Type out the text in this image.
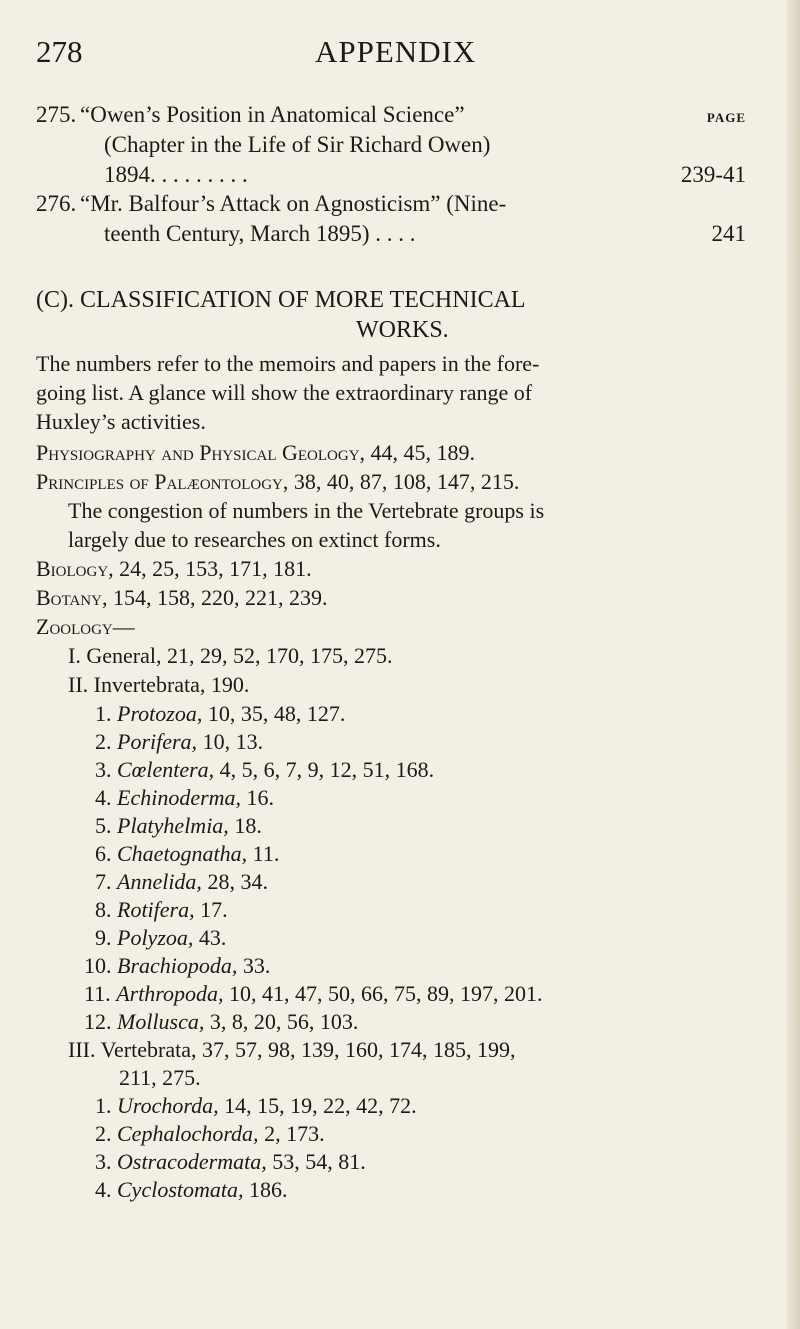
278	APPENDIX
275. “Owen’s Position in Anatomical Science”	PAGE
(Chapter in the Life of Sir Richard Owen)
1894. . . . . . . . .	239-41
276. “Mr. Balfour’s Attack on Agnosticism” (Nine-
teenth Century, March 1895) . . . .	241
(C). CLASSIFICATION OF MORE TECHNICAL
WORKS.
The numbers refer to the memoirs and papers in the fore-
going list. A glance will show the extraordinary range of
Huxley’s activities.
Physiography and Physical Geology, 44, 45, 189.
Principles of Palæontology, 38, 40, 87, 108, 147, 215.
The congestion of numbers in the Vertebrate groups is
largely due to researches on extinct forms.
Biology, 24, 25, 153, 171, 181.
Botany, 154, 158, 220, 221, 239.
Zoology—
I. General, 21, 29, 52, 170, 175, 275.
II. Invertebrata, 190.
1. Protozoa, 10, 35, 48, 127.
2. Porifera, 10, 13.
3. Cœlentera, 4, 5, 6, 7, 9, 12, 51, 168.
4. Echinoderma, 16.
5. Platyhelmia, 18.
6. Chaetognatha, 11.
7. Annelida, 28, 34.
8. Rotifera, 17.
9. Polyzoa, 43.
10. Brachiopoda, 33.
11. Arthropoda, 10, 41, 47, 50, 66, 75, 89, 197, 201.
12. Mollusca, 3, 8, 20, 56, 103.
III. Vertebrata, 37, 57, 98, 139, 160, 174, 185, 199,
211, 275.
1. Urochorda, 14, 15, 19, 22, 42, 72.
2. Cephalochorda, 2, 173.
3. Ostracodermata, 53, 54, 81.
4. Cyclostomata, 186.
